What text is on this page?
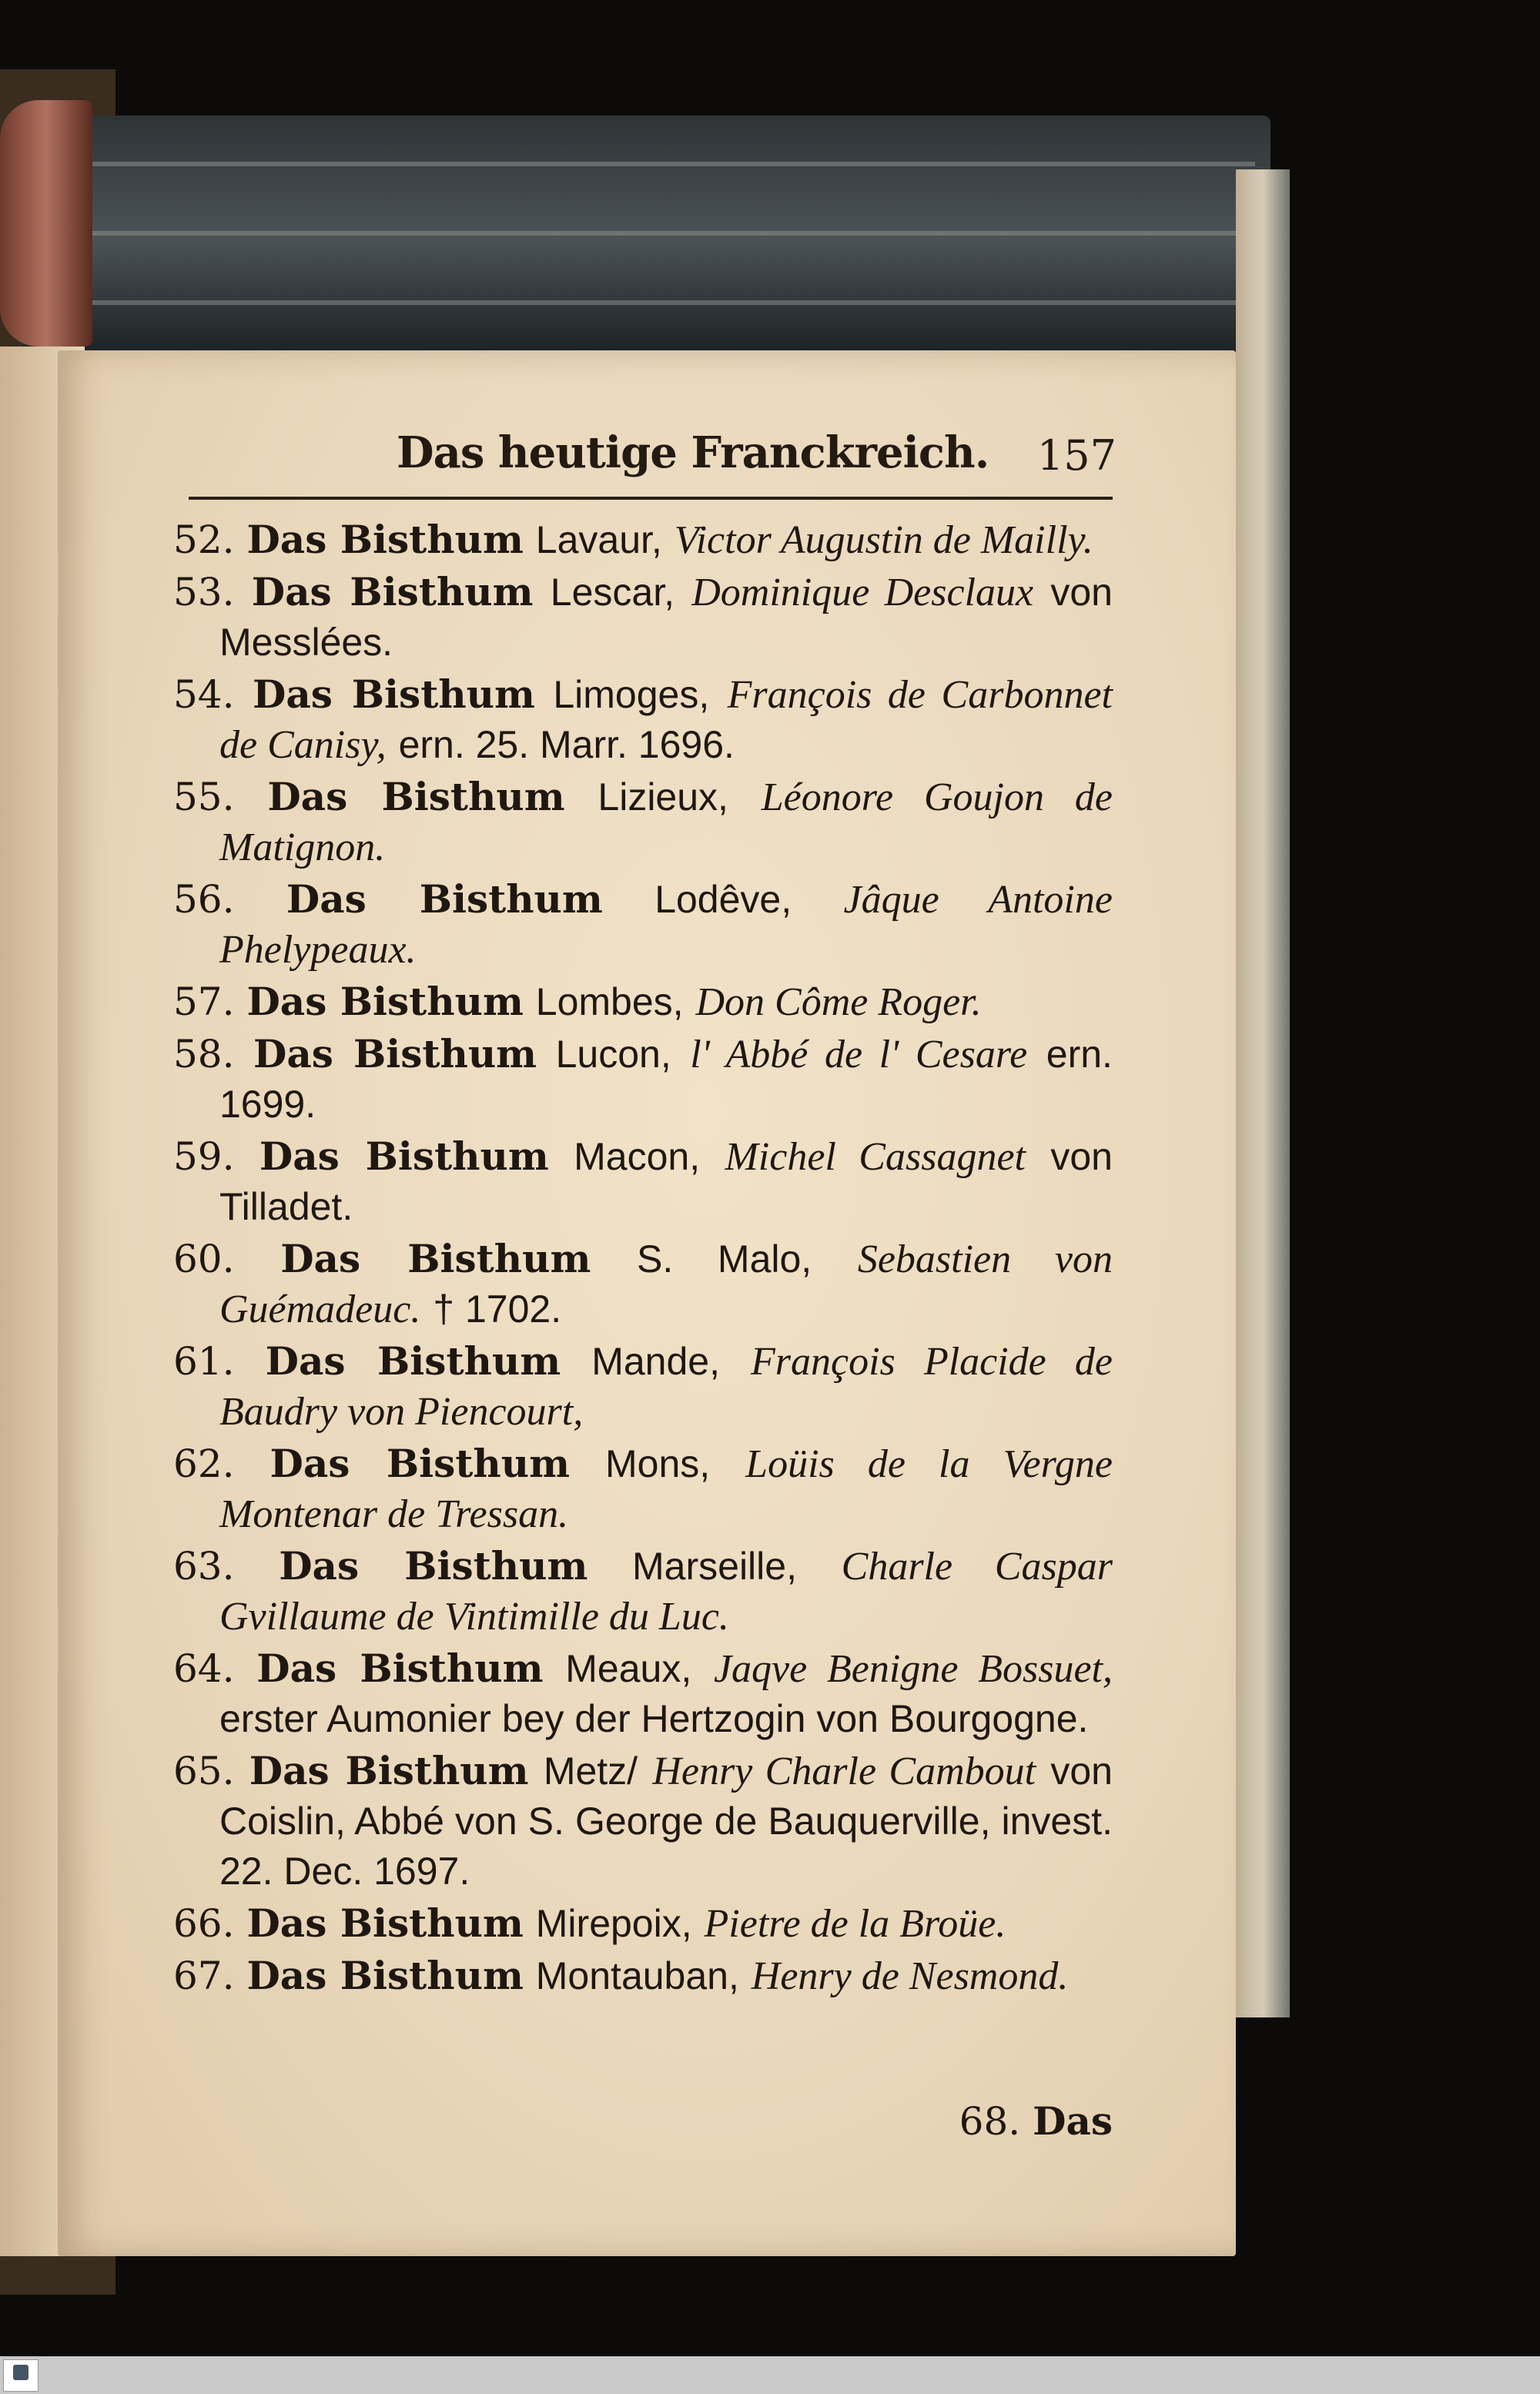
Das heutige Franckreich. 157

52. Das Bisthum Lavaur, Victor Augustin de Mailly.

53. Das Bisthum Lescar, Dominique Desclaux von Messlées.

54. Das Bisthum Limoges, François de Carbonnet de Canisy, ern. 25. Marr. 1696.

55. Das Bisthum Lizieux, Léonore Goujon de Matignon.

56. Das Bisthum Lodêve, Jâque Antoine Phelypeaux.

57. Das Bisthum Lombes, Don Côme Roger.

58. Das Bisthum Lucon, l' Abbé de l' Cesare ern. 1699.

59. Das Bisthum Macon, Michel Cassagnet von Tilladet.

60. Das Bisthum S. Malo, Sebastien von Guémadeuc. † 1702.

61. Das Bisthum Mande, François Placide de Baudry von Piencourt,

62. Das Bisthum Mons, Loüis de la Vergne Montenar de Tressan.

63. Das Bisthum Marseille, Charle Caspar Gvillaume de Vintimille du Luc.

64. Das Bisthum Meaux, Jaqve Benigne Bossuet, erster Aumonier bey der Hertzogin von Bourgogne.

65. Das Bisthum Metz/ Henry Charle Cambout von Coislin, Abbé von S. George de Bauquerville, invest. 22. Dec. 1697.

66. Das Bisthum Mirepoix, Pietre de la Broüe.

67. Das Bisthum Montauban, Henry de Nesmond.

68. Das
